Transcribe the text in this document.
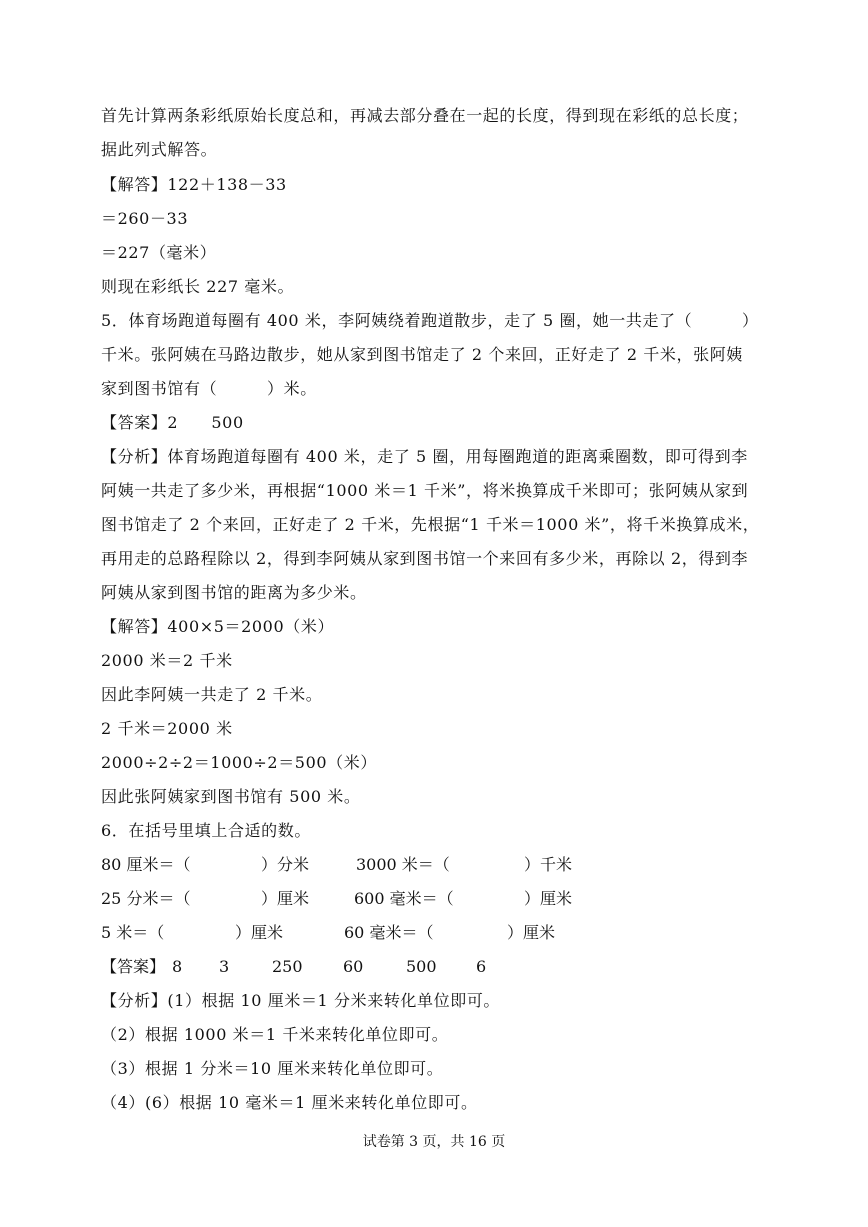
首先计算两条彩纸原始长度总和，再减去部分叠在一起的长度，得到现在彩纸的总长度；
据此列式解答。
【解答】122＋138－33
＝260－33
＝227（毫米）
则现在彩纸长 227 毫米。
5．体育场跑道每圈有 400 米，李阿姨绕着跑道散步，走了 5 圈，她一共走了（　　　）
千米。张阿姨在马路边散步，她从家到图书馆走了 2 个来回，正好走了 2 千米，张阿姨
家到图书馆有（　　　）米。
【答案】2　　500
【分析】体育场跑道每圈有 400 米，走了 5 圈，用每圈跑道的距离乘圈数，即可得到李
阿姨一共走了多少米，再根据“1000 米＝1 千米”，将米换算成千米即可；张阿姨从家到
图书馆走了 2 个来回，正好走了 2 千米，先根据“1 千米＝1000 米”，将千米换算成米，
再用走的总路程除以 2，得到李阿姨从家到图书馆一个来回有多少米，再除以 2，得到李
阿姨从家到图书馆的距离为多少米。
【解答】400×5＝2000（米）
2000 米＝2 千米
因此李阿姨一共走了 2 千米。
2 千米＝2000 米
2000÷2÷2＝1000÷2＝500（米）
因此张阿姨家到图书馆有 500 米。
6．在括号里填上合适的数。
80 厘米＝（	）分米	3000 米＝（	）千米
25 分米＝（	）厘米	600 毫米＝（	）厘米
5 米＝（	）厘米	60 毫米＝（	）厘米
【答案】 8 3	250	60	500 6
【分析】(1）根据 10 厘米＝1 分米来转化单位即可。
（2）根据 1000 米＝1 千米来转化单位即可。
（3）根据 1 分米＝10 厘米来转化单位即可。
（4）(6）根据 10 毫米＝1 厘米来转化单位即可。
试卷第 3 页，共 16 页
